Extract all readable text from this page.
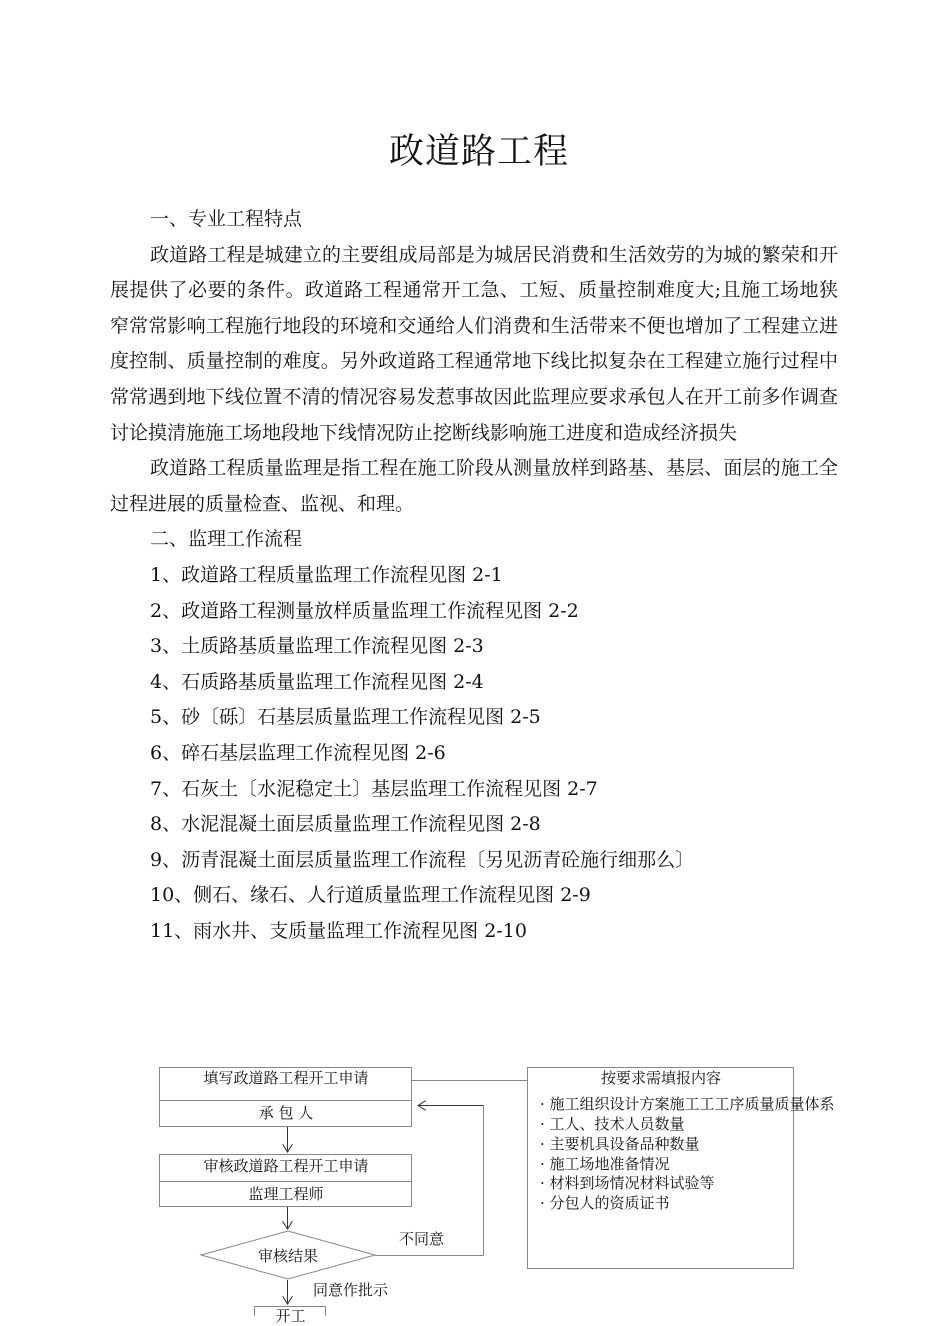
政道路工程

一、专业工程特点

政道路工程是城建立的主要组成局部是为城居民消费和生活效劳的为城的繁荣和开展提供了必要的条件。政道路工程通常开工急、工短、质量控制难度大;且施工场地狭窄常常影响工程施行地段的环境和交通给人们消费和生活带来不便也增加了工程建立进度控制、质量控制的难度。另外政道路工程通常地下线比拟复杂在工程建立施行过程中常常遇到地下线位置不清的情况容易发惹事故因此监理应要求承包人在开工前多作调查讨论摸清施施工场地段地下线情况防止挖断线影响施工进度和造成经济损失

政道路工程质量监理是指工程在施工阶段从测量放样到路基、基层、面层的施工全过程进展的质量检查、监视、和理。

二、监理工作流程

1、政道路工程质量监理工作流程见图 2-1

2、政道路工程测量放样质量监理工作流程见图 2-2

3、土质路基质量监理工作流程见图 2-3

4、石质路基质量监理工作流程见图 2-4

5、砂〔砾〕石基层质量监理工作流程见图 2-5

6、碎石基层监理工作流程见图 2-6

7、石灰土〔水泥稳定土〕基层监理工作流程见图 2-7

8、水泥混凝土面层质量监理工作流程见图 2-8

9、沥青混凝土面层质量监理工作流程〔另见沥青砼施行细那么〕

10、侧石、缘石、人行道质量监理工作流程见图 2-9

11、雨水井、支质量监理工作流程见图 2-10

填写政道路工程开工申请
承 包 人
审核政道路工程开工申请
监理工程师
审核结果
不同意
同意作批示
开工
按要求需填报内容
· 施工组织设计方案施工工工序质量质量体系
· 工人、技术人员数量
· 主要机具设备品种数量
· 施工场地准备情况
· 材料到场情况材料试验等
· 分包人的资质证书
